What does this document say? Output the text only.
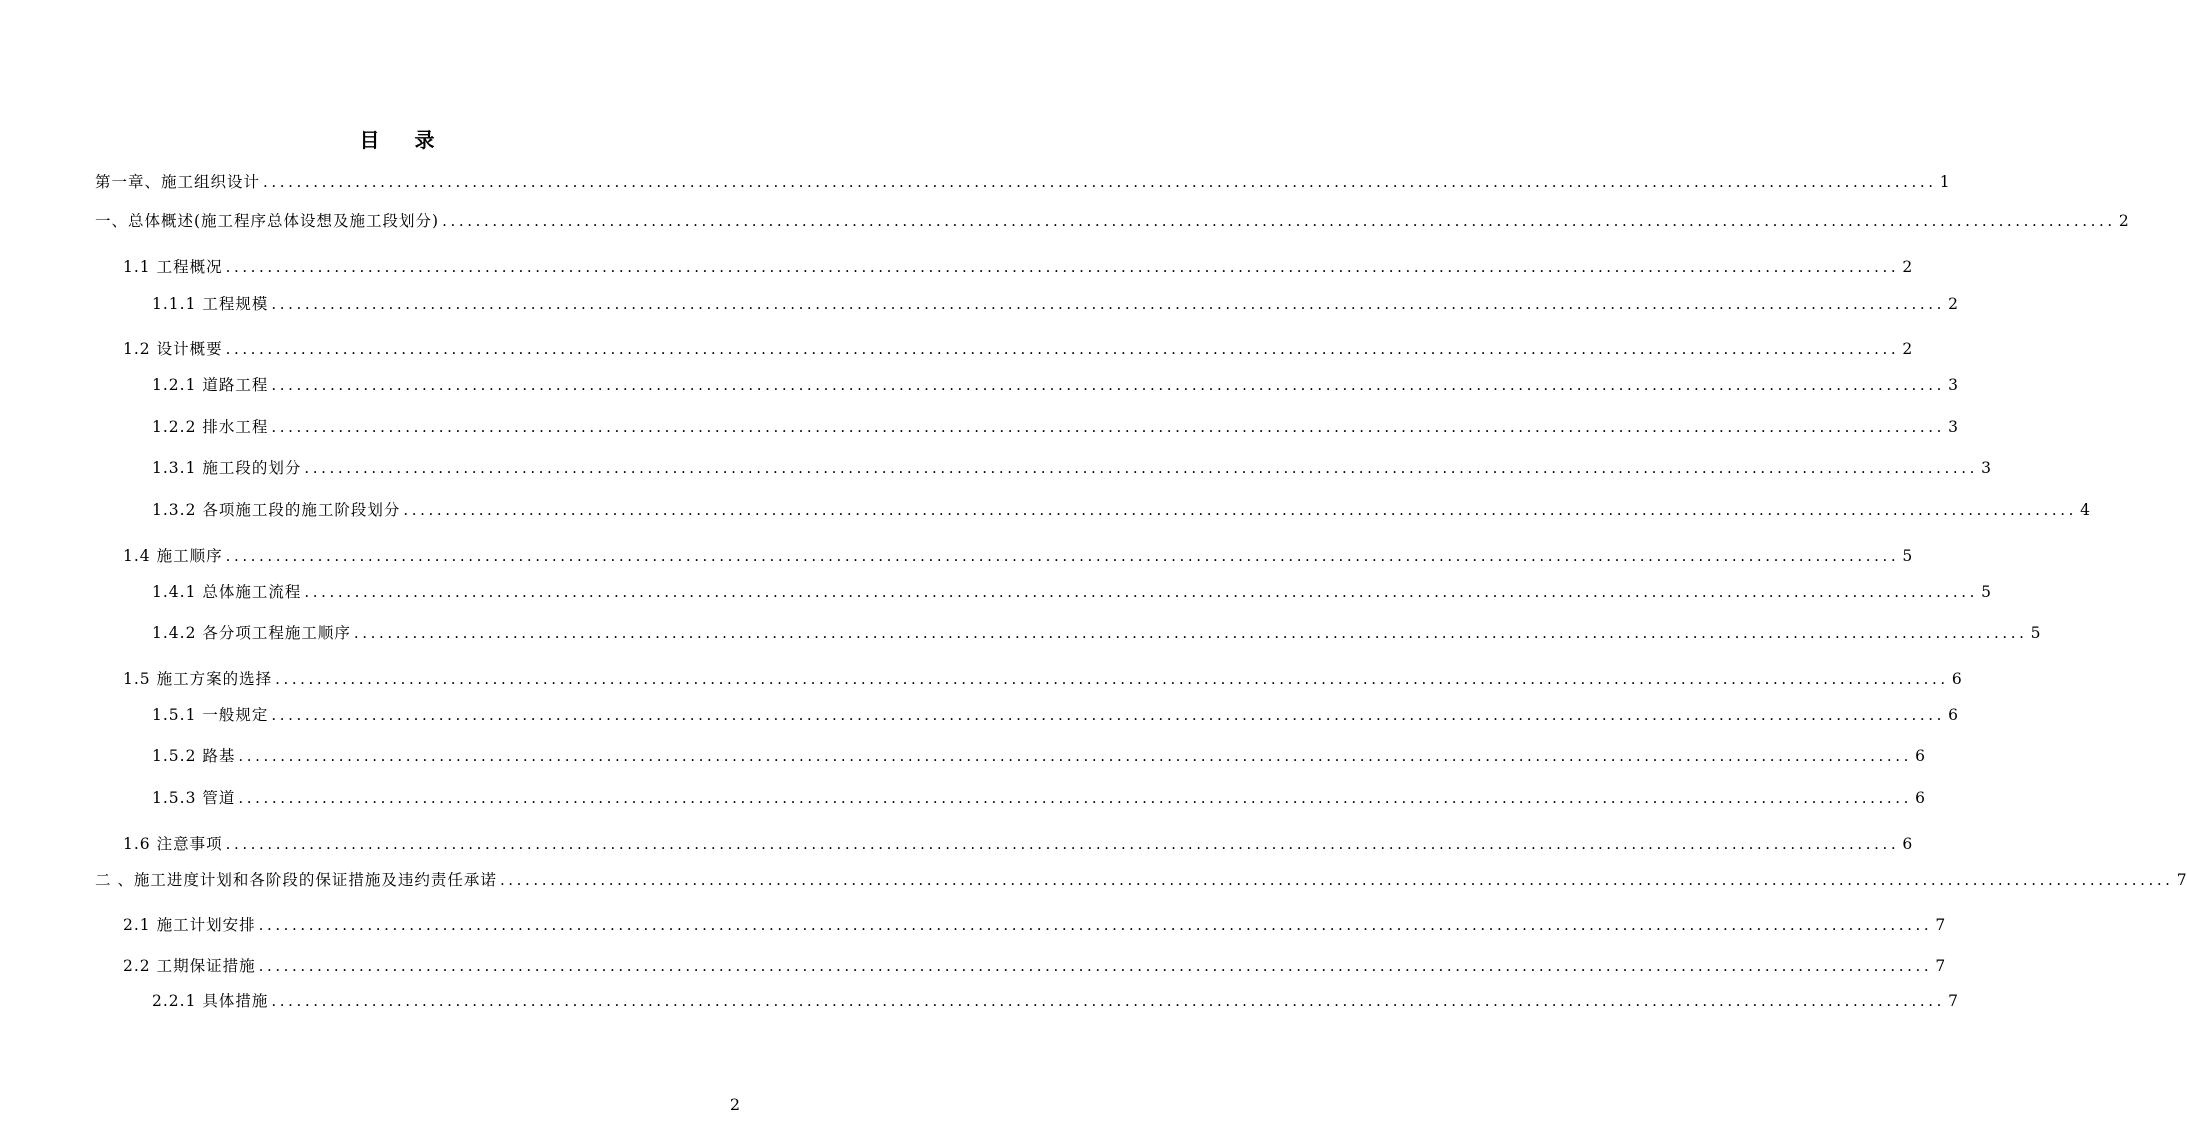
目 录
第一章、施工组织设计 ........................................................................................................................................................................................................ 1
一、总体概述(施工程序总体设想及施工段划分) ........................................................................................................................................................................................................ 2
1.1 工程概况 ........................................................................................................................................................................................................ 2
1.1.1 工程规模 ........................................................................................................................................................................................................ 2
1.2 设计概要 ........................................................................................................................................................................................................ 2
1.2.1 道路工程 ........................................................................................................................................................................................................ 3
1.2.2 排水工程 ........................................................................................................................................................................................................ 3
1.3.1 施工段的划分 ........................................................................................................................................................................................................ 3
1.3.2 各项施工段的施工阶段划分 ........................................................................................................................................................................................................ 4
1.4 施工顺序 ........................................................................................................................................................................................................ 5
1.4.1 总体施工流程 ........................................................................................................................................................................................................ 5
1.4.2 各分项工程施工顺序 ........................................................................................................................................................................................................ 5
1.5 施工方案的选择 ........................................................................................................................................................................................................ 6
1.5.1 一般规定 ........................................................................................................................................................................................................ 6
1.5.2 路基 ........................................................................................................................................................................................................ 6
1.5.3 管道 ........................................................................................................................................................................................................ 6
1.6 注意事项 ........................................................................................................................................................................................................ 6
二 、施工进度计划和各阶段的保证措施及违约责任承诺 ........................................................................................................................................................................................................ 7
2.1 施工计划安排 ........................................................................................................................................................................................................ 7
2.2 工期保证措施 ........................................................................................................................................................................................................ 7
2.2.1 具体措施 ........................................................................................................................................................................................................ 7
2
